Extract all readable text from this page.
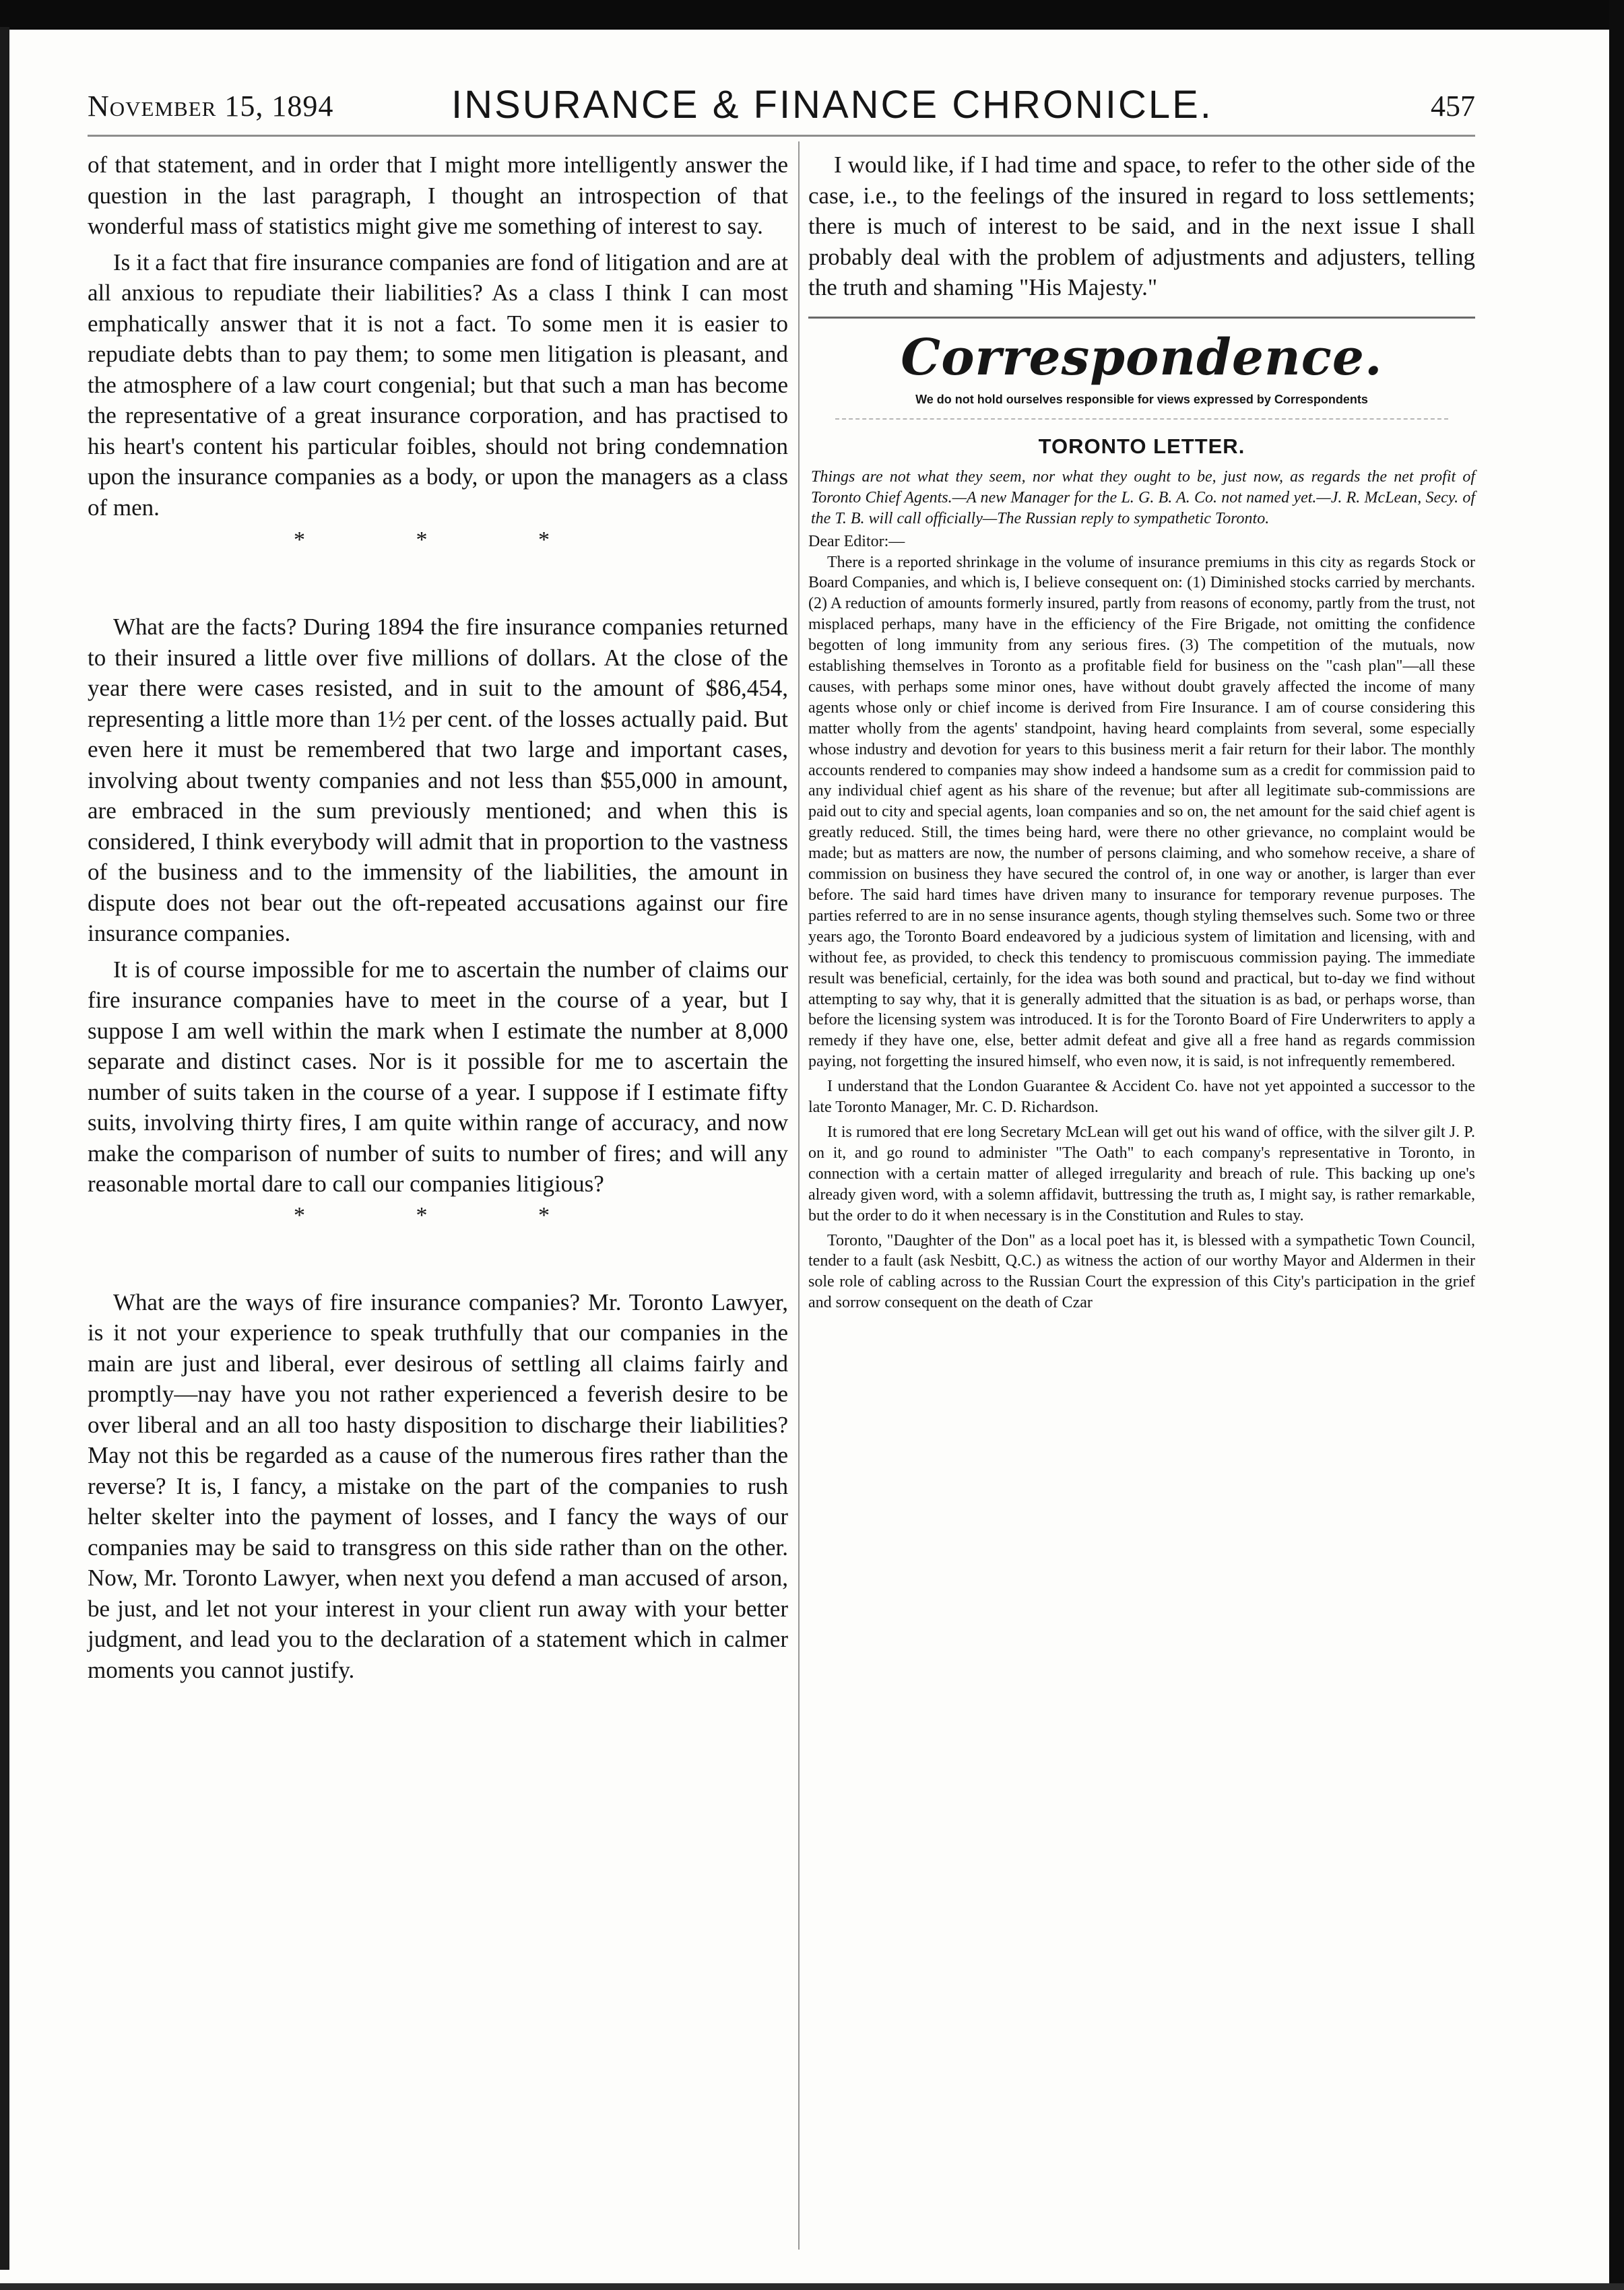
November 15, 1894	INSURANCE & FINANCE CHRONICLE.	457

of that statement, and in order that I might more intelligently answer the question in the last paragraph, I thought an introspection of that wonderful mass of statistics might give me something of interest to say.

Is it a fact that fire insurance companies are fond of litigation and are at all anxious to repudiate their liabilities? As a class I think I can most emphatically answer that it is not a fact. To some men it is easier to repudiate debts than to pay them; to some men litigation is pleasant, and the atmosphere of a law court congenial; but that such a man has become the representative of a great insurance corporation, and has practised to his heart's content his particular foibles, should not bring condemnation upon the insurance companies as a body, or upon the managers as a class of men.

* * *

What are the facts? During 1894 the fire insurance companies returned to their insured a little over five millions of dollars. At the close of the year there were cases resisted, and in suit to the amount of $86,454, representing a little more than 1½ per cent. of the losses actually paid. But even here it must be remembered that two large and important cases, involving about twenty companies and not less than $55,000 in amount, are embraced in the sum previously mentioned; and when this is considered, I think everybody will admit that in proportion to the vastness of the business and to the immensity of the liabilities, the amount in dispute does not bear out the oft-repeated accusations against our fire insurance companies.

It is of course impossible for me to ascertain the number of claims our fire insurance companies have to meet in the course of a year, but I suppose I am well within the mark when I estimate the number at 8,000 separate and distinct cases. Nor is it possible for me to ascertain the number of suits taken in the course of a year. I suppose if I estimate fifty suits, involving thirty fires, I am quite within range of accuracy, and now make the comparison of number of suits to number of fires; and will any reasonable mortal dare to call our companies litigious?

* * *

What are the ways of fire insurance companies? Mr. Toronto Lawyer, is it not your experience to speak truthfully that our companies in the main are just and liberal, ever desirous of settling all claims fairly and promptly—nay have you not rather experienced a feverish desire to be over liberal and an all too hasty disposition to discharge their liabilities? May not this be regarded as a cause of the numerous fires rather than the reverse? It is, I fancy, a mistake on the part of the companies to rush helter skelter into the payment of losses, and I fancy the ways of our companies may be said to transgress on this side rather than on the other. Now, Mr. Toronto Lawyer, when next you defend a man accused of arson, be just, and let not your interest in your client run away with your better judgment, and lead you to the declaration of a statement which in calmer moments you cannot justify.

I would like, if I had time and space, to refer to the other side of the case, i.e., to the feelings of the insured in regard to loss settlements; there is much of interest to be said, and in the next issue I shall probably deal with the problem of adjustments and adjusters, telling the truth and shaming "His Majesty."

Correspondence.
We do not hold ourselves responsible for views expressed by Correspondents
TORONTO LETTER.
Things are not what they seem, nor what they ought to be, just now, as regards the net profit of Toronto Chief Agents.—A new Manager for the L. G. B. A. Co. not named yet.—J. R. McLean, Secy. of the T. B. will call officially—The Russian reply to sympathetic Toronto.
Dear Editor:—

There is a reported shrinkage in the volume of insurance premiums in this city as regards Stock or Board Companies, and which is, I believe consequent on: (1) Diminished stocks carried by merchants. (2) A reduction of amounts formerly insured, partly from reasons of economy, partly from the trust, not misplaced perhaps, many have in the efficiency of the Fire Brigade, not omitting the confidence begotten of long immunity from any serious fires. (3) The competition of the mutuals, now establishing themselves in Toronto as a profitable field for business on the "cash plan"—all these causes, with perhaps some minor ones, have without doubt gravely affected the income of many agents whose only or chief income is derived from Fire Insurance. I am of course considering this matter wholly from the agents' standpoint, having heard complaints from several, some especially whose industry and devotion for years to this business merit a fair return for their labor. The monthly accounts rendered to companies may show indeed a handsome sum as a credit for commission paid to any individual chief agent as his share of the revenue; but after all legitimate sub-commissions are paid out to city and special agents, loan companies and so on, the net amount for the said chief agent is greatly reduced. Still, the times being hard, were there no other grievance, no complaint would be made; but as matters are now, the number of persons claiming, and who somehow receive, a share of commission on business they have secured the control of, in one way or another, is larger than ever before. The said hard times have driven many to insurance for temporary revenue purposes. The parties referred to are in no sense insurance agents, though styling themselves such. Some two or three years ago, the Toronto Board endeavored by a judicious system of limitation and licensing, with and without fee, as provided, to check this tendency to promiscuous commission paying. The immediate result was beneficial, certainly, for the idea was both sound and practical, but to-day we find without attempting to say why, that it is generally admitted that the situation is as bad, or perhaps worse, than before the licensing system was introduced. It is for the Toronto Board of Fire Underwriters to apply a remedy if they have one, else, better admit defeat and give all a free hand as regards commission paying, not forgetting the insured himself, who even now, it is said, is not infrequently remembered.

I understand that the London Guarantee & Accident Co. have not yet appointed a successor to the late Toronto Manager, Mr. C. D. Richardson.

It is rumored that ere long Secretary McLean will get out his wand of office, with the silver gilt J. P. on it, and go round to administer "The Oath" to each company's representative in Toronto, in connection with a certain matter of alleged irregularity and breach of rule. This backing up one's already given word, with a solemn affidavit, buttressing the truth as, I might say, is rather remarkable, but the order to do it when necessary is in the Constitution and Rules to stay.

Toronto, "Daughter of the Don" as a local poet has it, is blessed with a sympathetic Town Council, tender to a fault (ask Nesbitt, Q.C.) as witness the action of our worthy Mayor and Aldermen in their sole role of cabling across to the Russian Court the expression of this City's participation in the grief and sorrow consequent on the death of Czar
